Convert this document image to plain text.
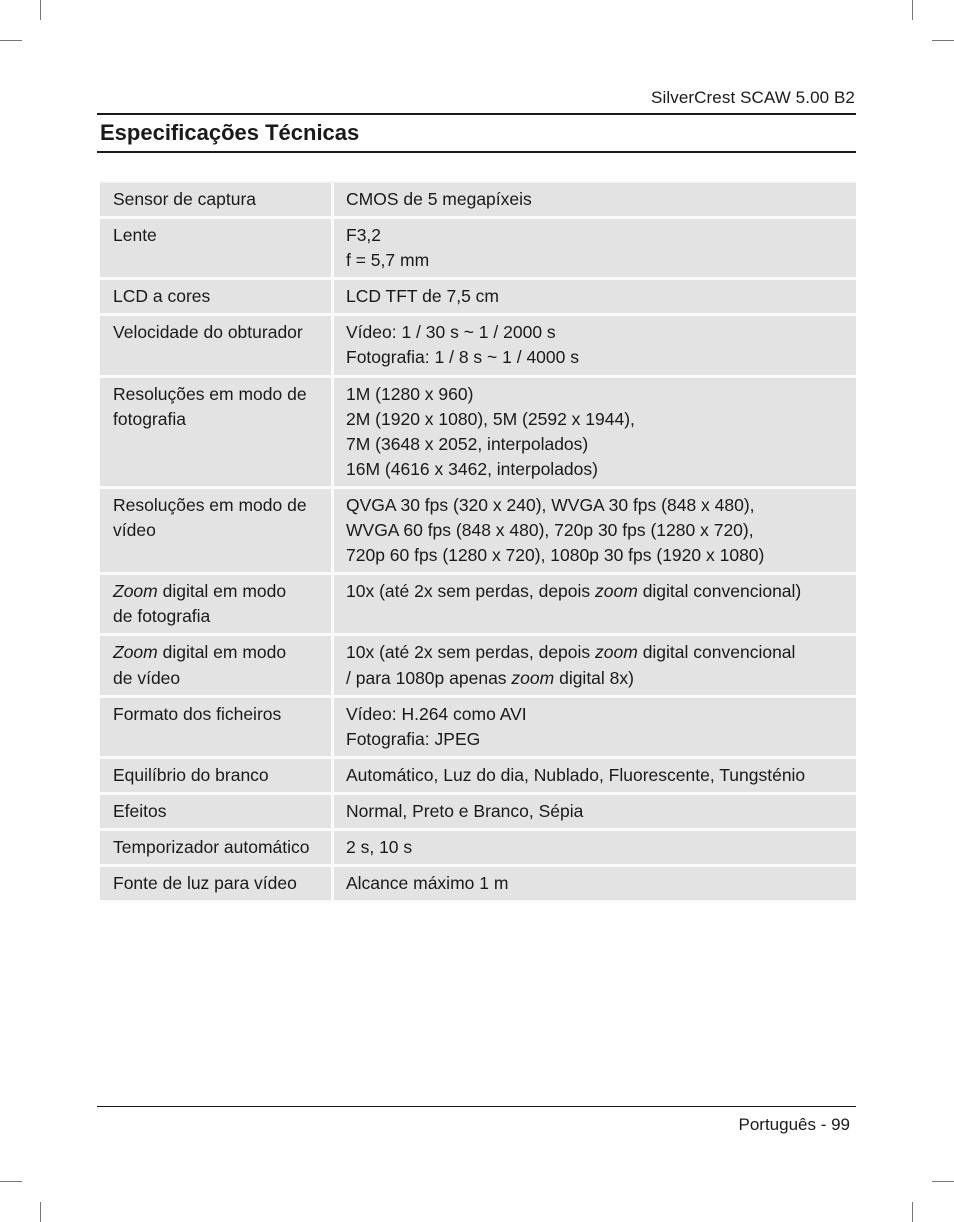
SilverCrest SCAW 5.00 B2
Especificações Técnicas
Sensor de captura	CMOS de 5 megapíxeis

Lente	F3,2
f = 5,7 mm

LCD a cores	LCD TFT de 7,5 cm

Velocidade do obturador	Vídeo: 1 / 30 s ~ 1 / 2000 s
Fotografia: 1 / 8 s ~ 1 / 4000 s

Resoluções em modo de
fotografia	1M (1280 x 960)
2M (1920 x 1080), 5M (2592 x 1944),
7M (3648 x 2052, interpolados)
16M (4616 x 3462, interpolados)

Resoluções em modo de
vídeo	QVGA 30 fps (320 x 240), WVGA 30 fps (848 x 480),
WVGA 60 fps (848 x 480), 720p 30 fps (1280 x 720),
720p 60 fps (1280 x 720), 1080p 30 fps (1920 x 1080)

Zoom digital em modo
de fotografia	10x (até 2x sem perdas, depois zoom digital convencional)

Zoom digital em modo
de vídeo	10x (até 2x sem perdas, depois zoom digital convencional
/ para 1080p apenas zoom digital 8x)

Formato dos ficheiros	Vídeo: H.264 como AVI
Fotografia: JPEG

Equilíbrio do branco	Automático, Luz do dia, Nublado, Fluorescente, Tungsténio

Efeitos	Normal, Preto e Branco, Sépia

Temporizador automático	2 s, 10 s

Fonte de luz para vídeo	Alcance máximo 1 m
Português - 99
